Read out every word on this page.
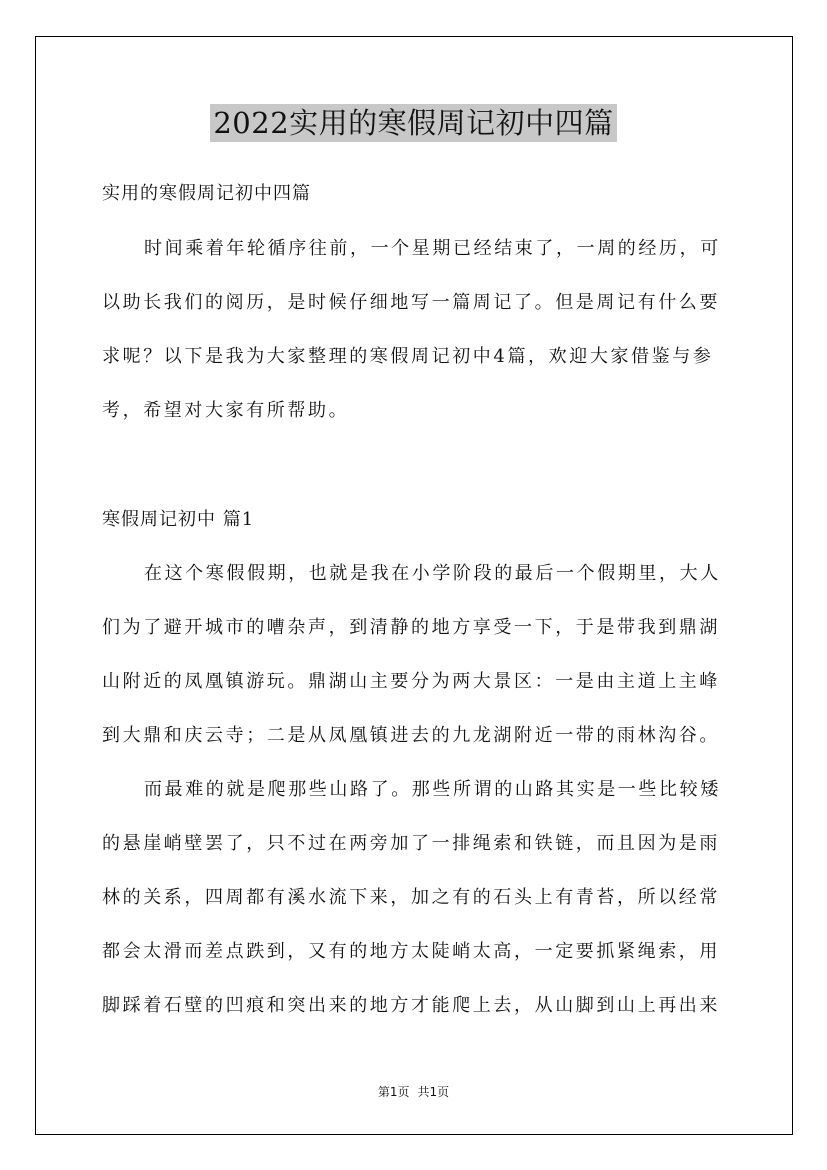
2022实用的寒假周记初中四篇
实用的寒假周记初中四篇
时间乘着年轮循序往前，一个星期已经结束了，一周的经历，可
以助长我们的阅历，是时候仔细地写一篇周记了。但是周记有什么要
求呢？以下是我为大家整理的寒假周记初中4篇，欢迎大家借鉴与参
考，希望对大家有所帮助。
寒假周记初中 篇1
在这个寒假假期，也就是我在小学阶段的最后一个假期里，大人
们为了避开城市的嘈杂声，到清静的地方享受一下，于是带我到鼎湖
山附近的凤凰镇游玩。鼎湖山主要分为两大景区：一是由主道上主峰
到大鼎和庆云寺；二是从凤凰镇进去的九龙湖附近一带的雨林沟谷。
而最难的就是爬那些山路了。那些所谓的山路其实是一些比较矮
的悬崖峭壁罢了，只不过在两旁加了一排绳索和铁链，而且因为是雨
林的关系，四周都有溪水流下来，加之有的石头上有青苔，所以经常
都会太滑而差点跌到，又有的地方太陡峭太高，一定要抓紧绳索，用
脚踩着石壁的凹痕和突出来的地方才能爬上去，从山脚到山上再出来
第1页 共1页
